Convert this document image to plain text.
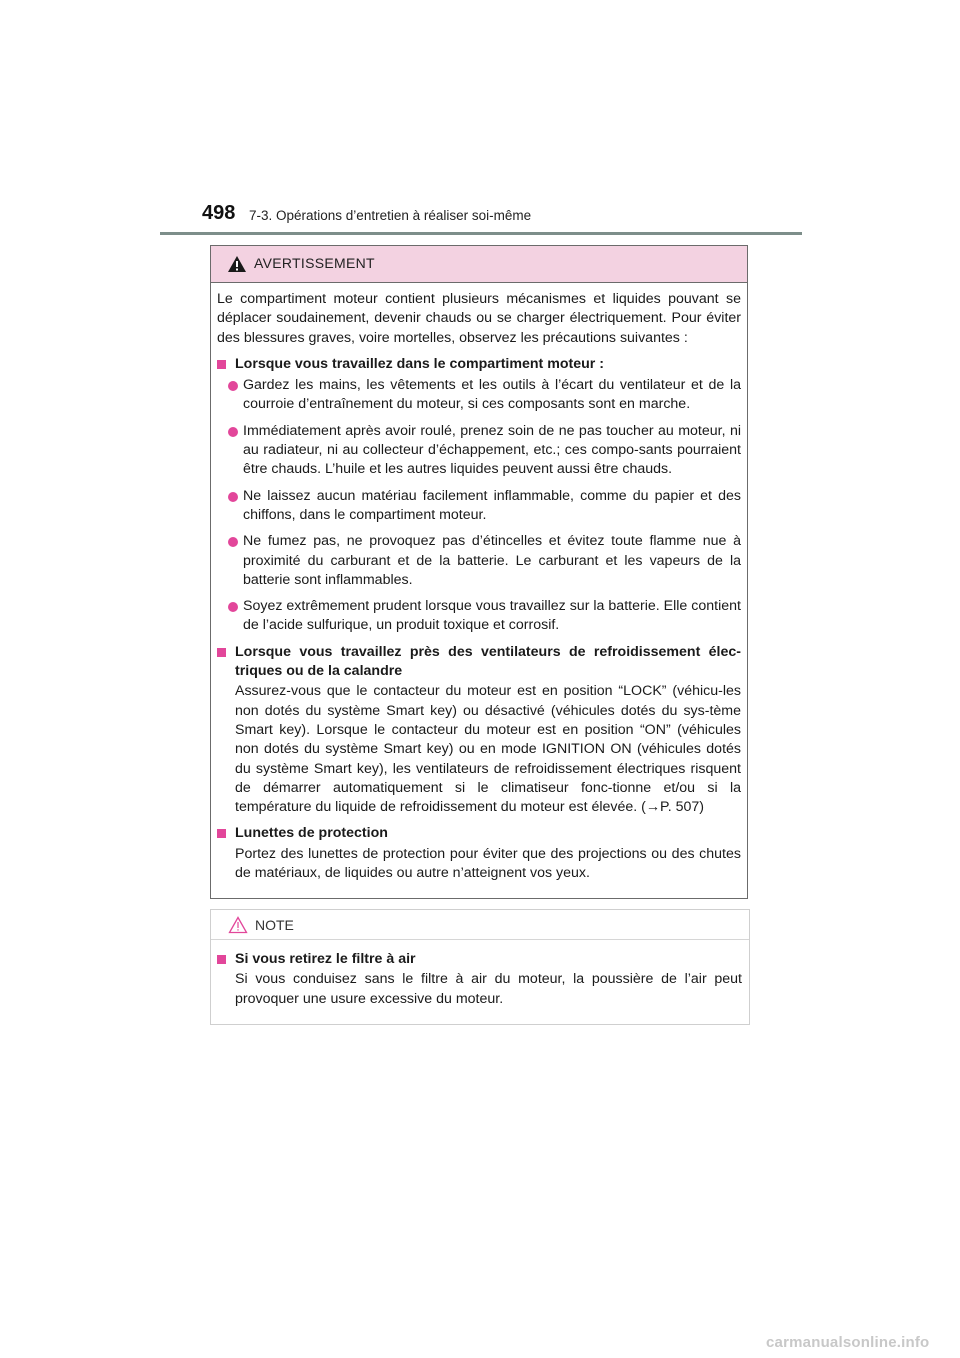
498 7-3. Opérations d’entretien à réaliser soi-même
AVERTISSEMENT
Le compartiment moteur contient plusieurs mécanismes et liquides pouvant se déplacer soudainement, devenir chauds ou se charger électriquement. Pour éviter des blessures graves, voire mortelles, observez les précautions suivantes :
Lorsque vous travaillez dans le compartiment moteur :
Gardez les mains, les vêtements et les outils à l’écart du ventilateur et de la courroie d’entraînement du moteur, si ces composants sont en marche.
Immédiatement après avoir roulé, prenez soin de ne pas toucher au moteur, ni au radiateur, ni au collecteur d’échappement, etc.; ces compo-sants pourraient être chauds. L’huile et les autres liquides peuvent aussi être chauds.
Ne laissez aucun matériau facilement inflammable, comme du papier et des chiffons, dans le compartiment moteur.
Ne fumez pas, ne provoquez pas d’étincelles et évitez toute flamme nue à proximité du carburant et de la batterie. Le carburant et les vapeurs de la batterie sont inflammables.
Soyez extrêmement prudent lorsque vous travaillez sur la batterie. Elle contient de l’acide sulfurique, un produit toxique et corrosif.
Lorsque vous travaillez près des ventilateurs de refroidissement élec-triques ou de la calandre
Assurez-vous que le contacteur du moteur est en position “LOCK” (véhicu-les non dotés du système Smart key) ou désactivé (véhicules dotés du sys-tème Smart key). Lorsque le contacteur du moteur est en position “ON” (véhicules non dotés du système Smart key) ou en mode IGNITION ON (véhicules dotés du système Smart key), les ventilateurs de refroidissement électriques risquent de démarrer automatiquement si le climatiseur fonc-tionne et/ou si la température du liquide de refroidissement du moteur est élevée. (→P. 507)
Lunettes de protection
Portez des lunettes de protection pour éviter que des projections ou des chutes de matériaux, de liquides ou autre n’atteignent vos yeux.
NOTE
Si vous retirez le filtre à air
Si vous conduisez sans le filtre à air du moteur, la poussière de l’air peut provoquer une usure excessive du moteur.
carmanualsonline.info
